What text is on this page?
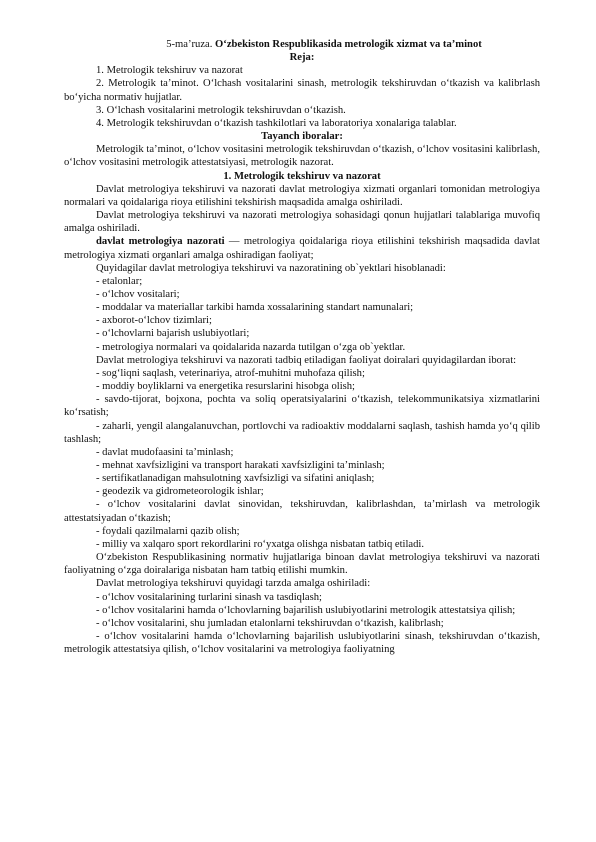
5-ma’ruza. O‘zbekiston Respublikasida metrologik xizmat va ta’minot

Reja:

1. Metrologik tekshiruv va nazorat

2. Metrologik ta’minot. O‘lchash vositalarini sinash, metrologik tekshiruvdan o‘tkazish va kalibrlash bo‘yicha normativ hujjatlar.

3. O‘lchash vositalarini metrologik tekshiruvdan o‘tkazish.

4. Metrologik tekshiruvdan o‘tkazish tashkilotlari va laboratoriya xonalariga talablar.

Tayanch iboralar:

Metrologik ta’minot, o‘lchov vositasini metrologik tekshiruvdan o‘tkazish, o‘lchov vositasini kalibrlash, o‘lchov vositasini metrologik attestatsiyasi, metrologik nazorat.

1. Metrologik tekshiruv va nazorat

Davlat metrologiya tekshiruvi va nazorati davlat metrologiya xizmati organlari tomonidan metrologiya normalari va qoidalariga rioya etilishini tekshirish maqsadida amalga oshiriladi.

Davlat metrologiya tekshiruvi va nazorati metrologiya sohasidagi qonun hujjatlari talablariga muvofiq amalga oshiriladi.

davlat metrologiya nazorati — metrologiya qoidalariga rioya etilishini tekshirish maqsadida davlat metrologiya xizmati organlari amalga oshiradigan faoliyat;

Quyidagilar davlat metrologiya tekshiruvi va nazoratining ob`yektlari hisoblanadi:

- etalonlar;

- o‘lchov vositalari;

- moddalar va materiallar tarkibi hamda xossalarining standart namunalari;

- axborot-o‘lchov tizimlari;

- o‘lchovlarni bajarish uslubiyotlari;

- metrologiya normalari va qoidalarida nazarda tutilgan o‘zga ob`yektlar.

Davlat metrologiya tekshiruvi va nazorati tadbiq etiladigan faoliyat doiralari quyidagilardan iborat:

- sog‘liqni saqlash, veterinariya, atrof-muhitni muhofaza qilish;

- moddiy boyliklarni va energetika resurslarini hisobga olish;

- savdo-tijorat, bojxona, pochta va soliq operatsiyalarini o‘tkazish, telekommunikatsiya xizmatlarini ko‘rsatish;

- zaharli, yengil alangalanuvchan, portlovchi va radioaktiv moddalarni saqlash, tashish hamda yo‘q qilib tashlash;

- davlat mudofaasini ta’minlash;

- mehnat xavfsizligini va transport harakati xavfsizligini ta’minlash;

- sertifikatlanadigan mahsulotning xavfsizligi va sifatini aniqlash;

- geodezik va gidrometeorologik ishlar;

- o‘lchov vositalarini davlat sinovidan, tekshiruvdan, kalibrlashdan, ta’mirlash va metrologik attestatsiyadan o‘tkazish;

- foydali qazilmalarni qazib olish;

- milliy va xalqaro sport rekordlarini ro‘yxatga olishga nisbatan tatbiq etiladi.

O‘zbekiston Respublikasining normativ hujjatlariga binoan davlat metrologiya tekshiruvi va nazorati faoliyatning o‘zga doiralariga nisbatan ham tatbiq etilishi mumkin.

Davlat metrologiya tekshiruvi quyidagi tarzda amalga oshiriladi:

- o‘lchov vositalarining turlarini sinash va tasdiqlash;

- o‘lchov vositalarini hamda o‘lchovlarning bajarilish uslubiyotlarini metrologik attestatsiya qilish;

- o‘lchov vositalarini, shu jumladan etalonlarni tekshiruvdan o‘tkazish, kalibrlash;

- o‘lchov vositalarini hamda o‘lchovlarning bajarilish uslubiyotlarini sinash, tekshiruvdan o‘tkazish, metrologik attestatsiya qilish, o‘lchov vositalarini va metrologiya faoliyatning
